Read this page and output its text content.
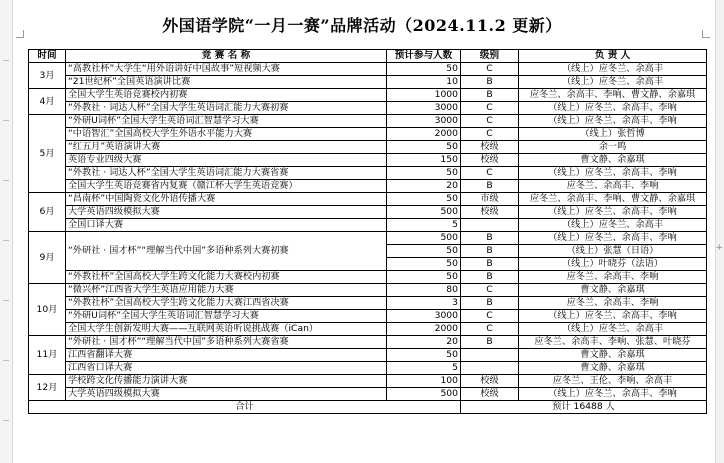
+
外国语学院“一月一赛”品牌活动（2024.11.2 更新）
时间	竞 赛 名 称	预计参与人数	级别	负 责 人
3月	“高教社杯”大学生“用外语讲好中国故事”短视频大赛	50	C	（线上）应冬兰、余高丰
	“21世纪杯”全国英语演讲比赛	10	B	（线上）应冬兰、余高丰
4月	全国大学生英语竞赛校内初赛	1000	B	应冬兰、余高丰、李响、曹文静、余嘉琪
	“外教社 · 词达人杯”全国大学生英语词汇能力大赛初赛	3000	C	（线上）应冬兰、余高丰、李响
5月	“外研U词杯”全国大学生英语词汇智慧学习大赛	3000	C	（线上）应冬兰、余高丰、李响
	“中语智汇”全国高校大学生外语水平能力大赛	2000	C	（线上）张哲博
	“红五月”英语演讲大赛	50	校级	余一鸣
	英语专业四级大赛	150	校级	曹文静、余嘉琪
	“外教社 · 词达人杯”全国大学生英语词汇能力大赛省赛	50	C	（线上）应冬兰、余高丰、李响
	全国大学生英语竞赛省内复赛（赣江杯大学生英语竞赛）	20	B	应冬兰、余高丰、李响
6月	“昌南杯”中国陶瓷文化外语传播大赛	50	市级	应冬兰、余高丰、李响、曹文静、余嘉琪
	大学英语四级模拟大赛	500	校级	（线上）应冬兰、余高丰、李响
	全国口译大赛	5		（线上）应冬兰、余高丰
9月	“外研社 · 国才杯”“理解当代中国”多语种系列大赛初赛	500	B	（线上）应冬兰、余高丰、李响
		50	B	（线上）张慧（日语）
		50	B	（线上）叶晓芬（法语）
	“外教社杯”全国高校大学生跨文化能力大赛校内初赛	50	B	应冬兰、余高丰、李响
10月	“微兴杯”江西省大学生英语应用能力大赛	80	C	曹文静、余嘉琪
	“外教社杯”全国高校大学生跨文化能力大赛江西省决赛	3	B	应冬兰、余高丰、李响
	“外研U词杯”全国大学生英语词汇智慧学习大赛	3000	C	（线上）应冬兰、余高丰、李响
	全国大学生创新发明大赛——互联网英语听说挑战赛（iCan）	2000	C	（线上）应冬兰、余高丰
11月	“外研社 · 国才杯”“理解当代中国”多语种系列大赛省赛	20	B	应冬兰、余高丰、李响、张慧、叶晓芬
	江西省翻译大赛	50		曹文静、余嘉琪
	江西省口译大赛	5		曹文静、余嘉琪
12月	学校跨文化传播能力演讲大赛	100	校级	应冬兰、王伦、李响、余高丰
	大学英语四级模拟大赛	500	校级	（线上）应冬兰、余高丰、李响
合计			预计 16488 人	
